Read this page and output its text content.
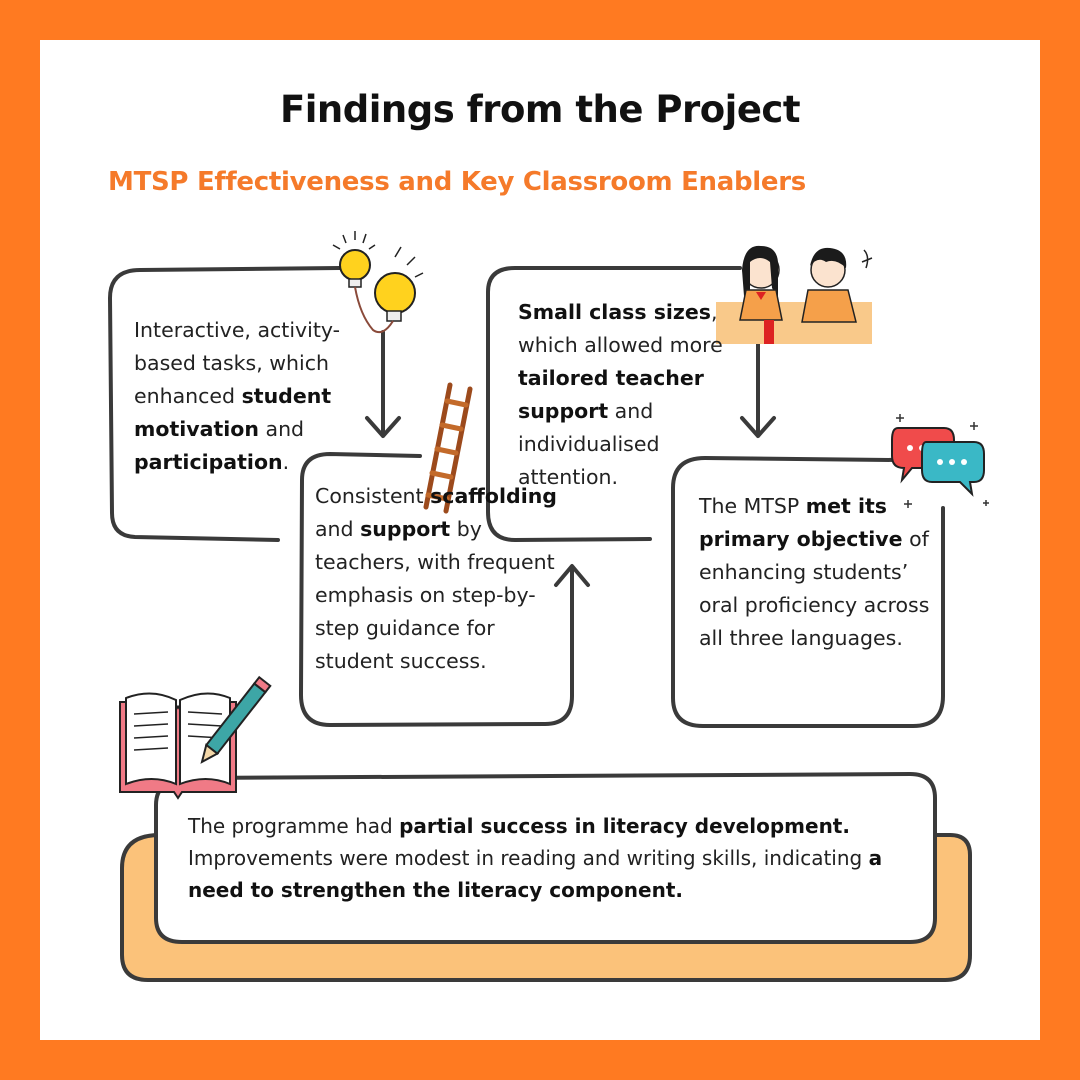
Findings from the Project
MTSP Effectiveness and Key Classroom Enablers
Interactive, activity-based tasks, which enhanced student motivation and participation.
Consistent scaffolding and support by teachers, with frequent emphasis on step-by-step guidance for student success.
Small class sizes, which allowed more tailored teacher support and individualised attention.
The MTSP met its primary objective of enhancing students’ oral proficiency across all three languages.
The programme had partial success in literacy development. Improvements were modest in reading and writing skills, indicating a need to strengthen the literacy component.
